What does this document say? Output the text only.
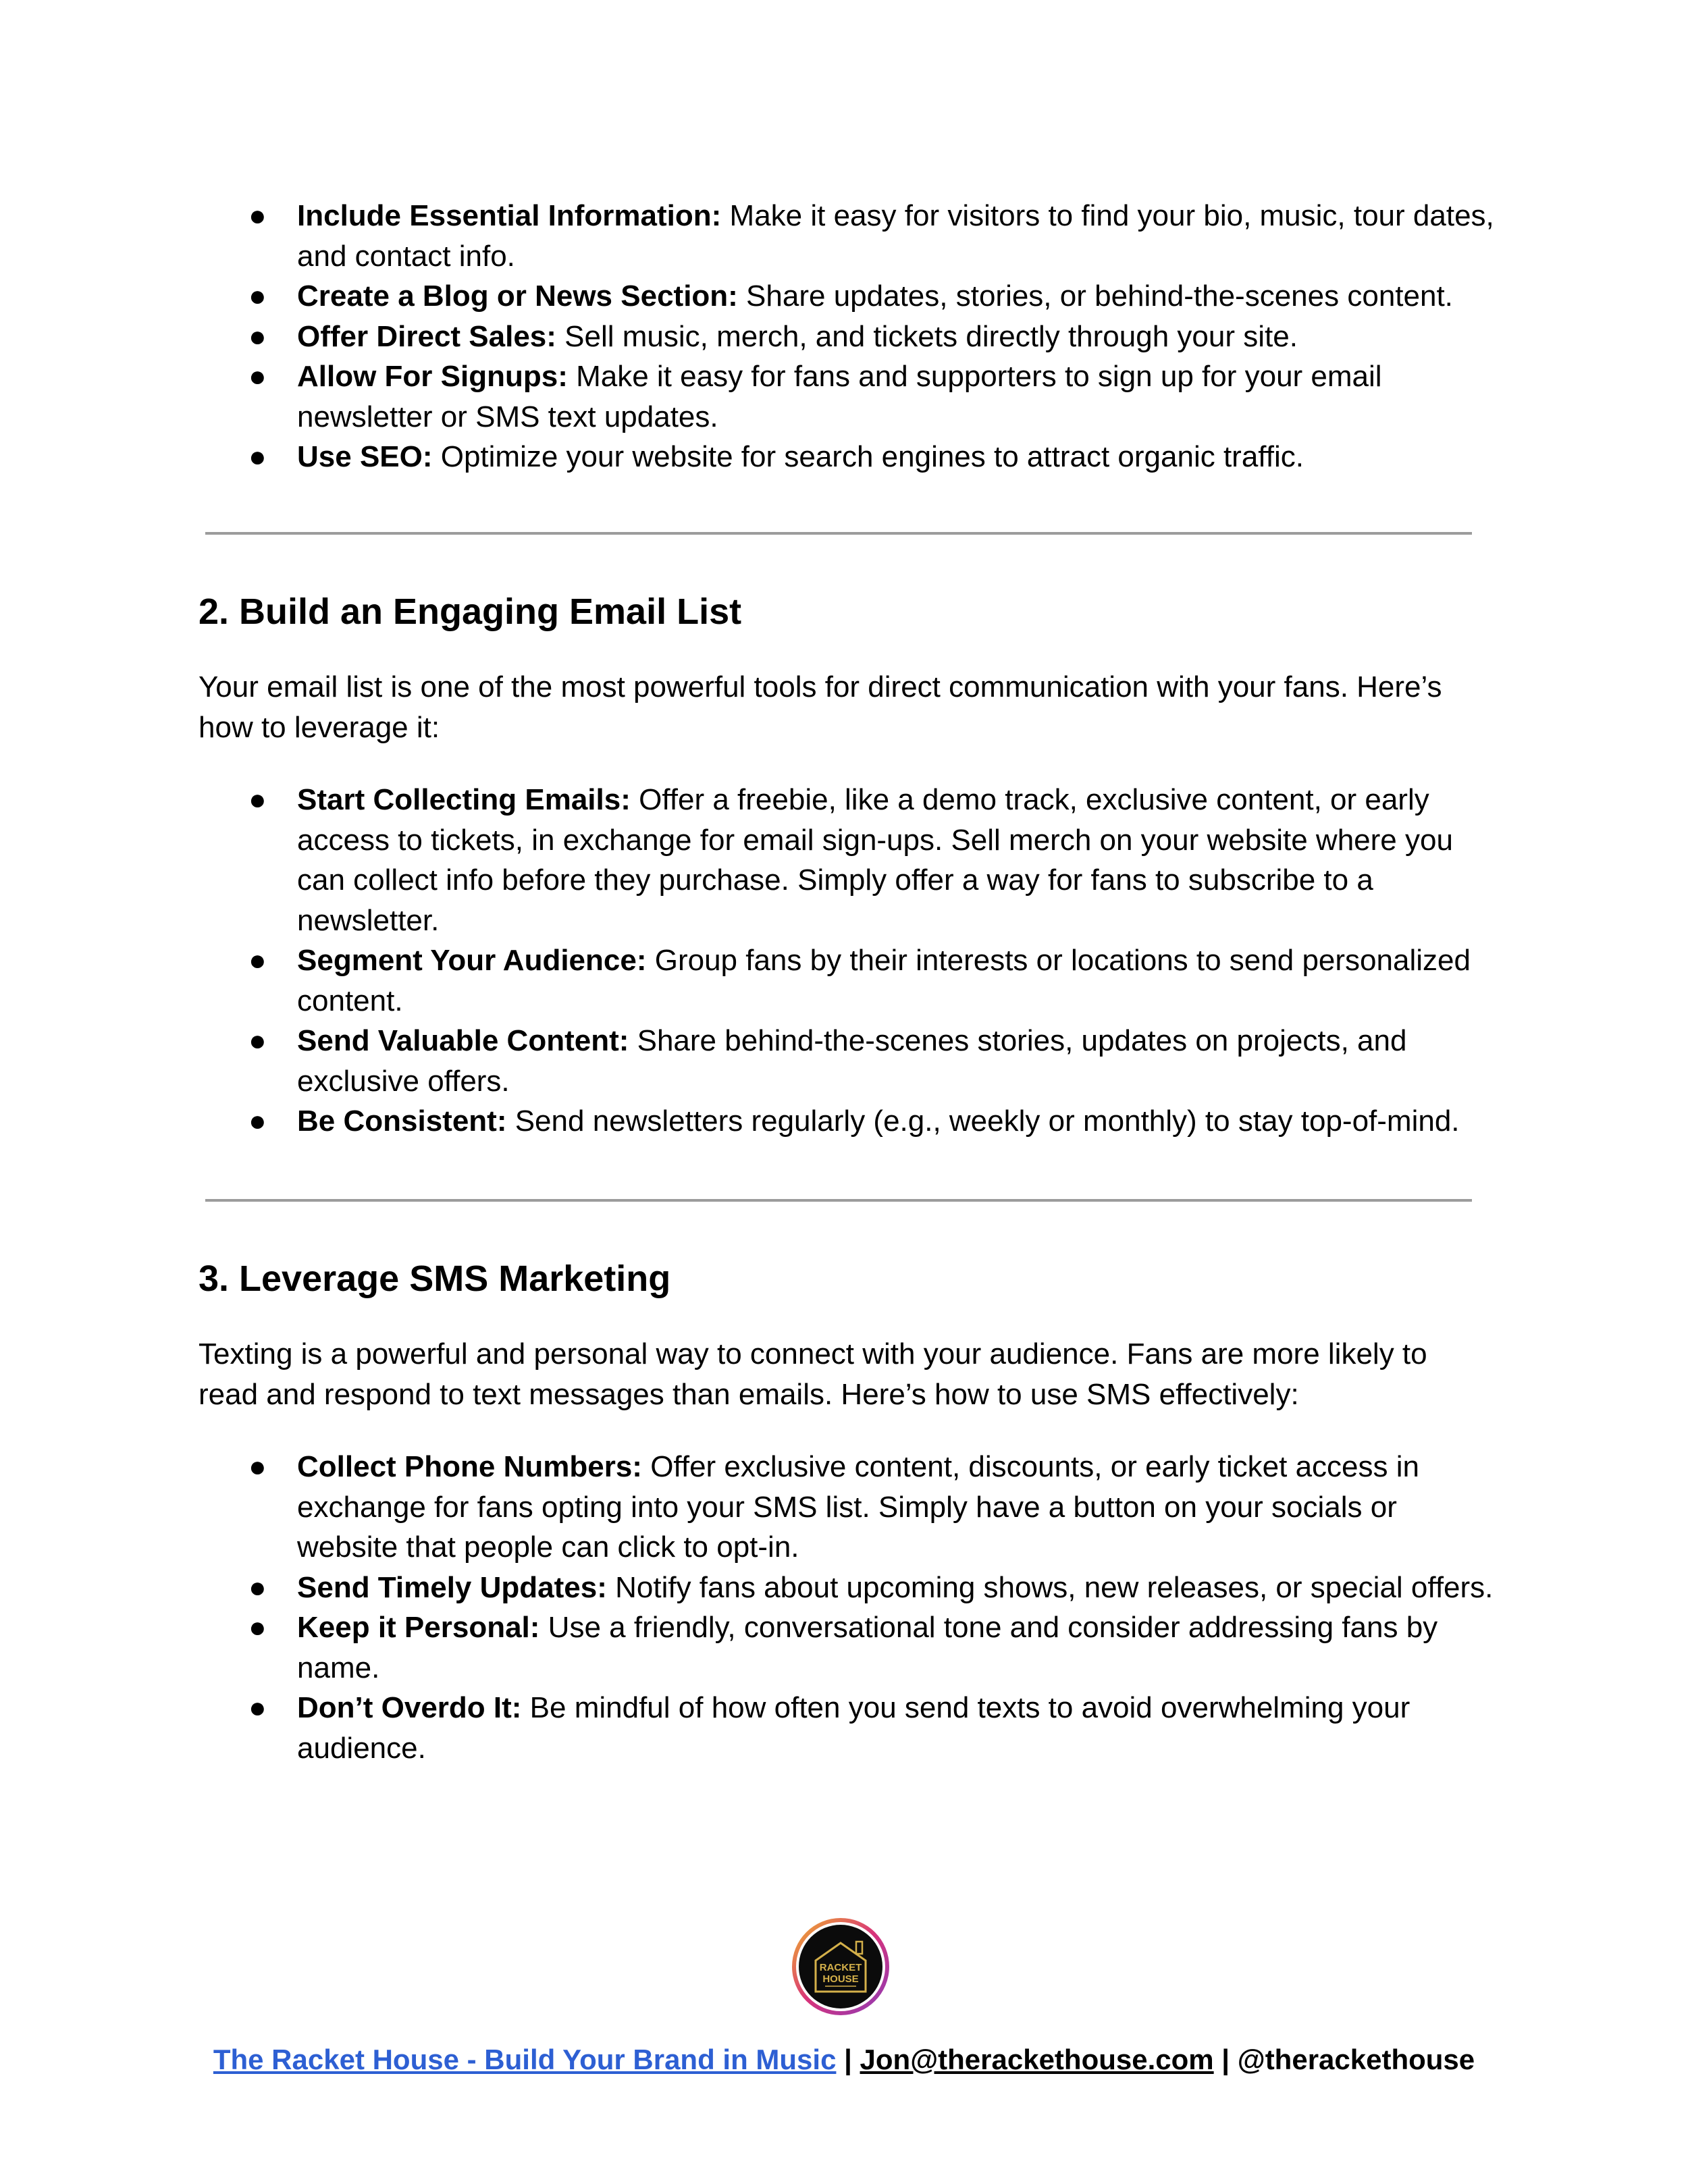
●	Include Essential Information: Make it easy for visitors to find your bio, music, tour dates, and contact info.
●	Create a Blog or News Section: Share updates, stories, or behind-the-scenes content.
●	Offer Direct Sales: Sell music, merch, and tickets directly through your site.
●	Allow For Signups: Make it easy for fans and supporters to sign up for your email newsletter or SMS text updates.
●	Use SEO: Optimize your website for search engines to attract organic traffic.
2. Build an Engaging Email List

Your email list is one of the most powerful tools for direct communication with your fans. Here’s how to leverage it:

●	Start Collecting Emails: Offer a freebie, like a demo track, exclusive content, or early access to tickets, in exchange for email sign-ups. Sell merch on your website where you can collect info before they purchase. Simply offer a way for fans to subscribe to a newsletter.
●	Segment Your Audience: Group fans by their interests or locations to send personalized content.
●	Send Valuable Content: Share behind-the-scenes stories, updates on projects, and exclusive offers.
●	Be Consistent: Send newsletters regularly (e.g., weekly or monthly) to stay top-of-mind.
3. Leverage SMS Marketing

Texting is a powerful and personal way to connect with your audience. Fans are more likely to read and respond to text messages than emails. Here’s how to use SMS effectively:

●	Collect Phone Numbers: Offer exclusive content, discounts, or early ticket access in exchange for fans opting into your SMS list. Simply have a button on your socials or website that people can click to opt-in.
●	Send Timely Updates: Notify fans about upcoming shows, new releases, or special offers.
●	Keep it Personal: Use a friendly, conversational tone and consider addressing fans by name.
●	Don’t Overdo It: Be mindful of how often you send texts to avoid overwhelming your audience.
RACKET
HOUSE
The Racket House - Build Your Brand in Music | Jon@therackethouse.com | @therackethouse
